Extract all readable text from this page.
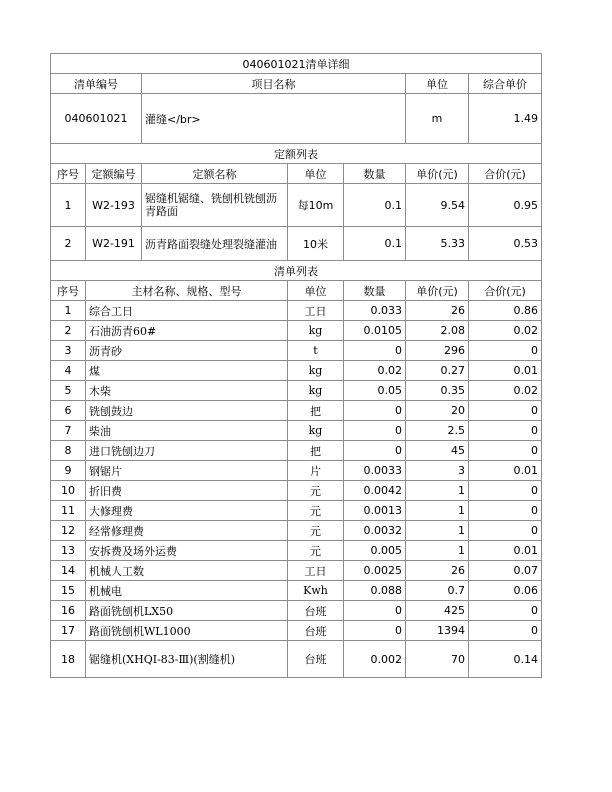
040601021清单详细						
清单编号		项目名称			单位	综合单价
040601021		灌缝</br>			m	1.49
定额列表						
序号	定额编号	定额名称	单位	数量	单价(元)	合价(元)
1	W2-193	锯缝机锯缝、铣刨机铣刨沥青路面	每10m	0.1	9.54	0.95
2	W2-191	沥青路面裂缝处理裂缝灌油	10米	0.1	5.33	0.53
清单列表						
序号	主材名称、规格、型号		单位	数量	单价(元)	合价(元)
1	综合工日		工日	0.033	26	0.86
2	石油沥青60#		kg	0.0105	2.08	0.02
3	沥青砂		t	0	296	0
4	煤		kg	0.02	0.27	0.01
5	木柴		kg	0.05	0.35	0.02
6	铣刨鼓边		把	0	20	0
7	柴油		kg	0	2.5	0
8	进口铣刨边刀		把	0	45	0
9	钢锯片		片	0.0033	3	0.01
10	折旧费		元	0.0042	1	0
11	大修理费		元	0.0013	1	0
12	经常修理费		元	0.0032	1	0
13	安拆费及场外运费		元	0.005	1	0.01
14	机械人工数		工日	0.0025	26	0.07
15	机械电		Kwh	0.088	0.7	0.06
16	路面铣刨机LX50		台班	0	425	0
17	路面铣刨机WL1000		台班	0	1394	0
18	锯缝机(XHQI-83-Ⅲ)(割缝机)		台班	0.002	70	0.14
